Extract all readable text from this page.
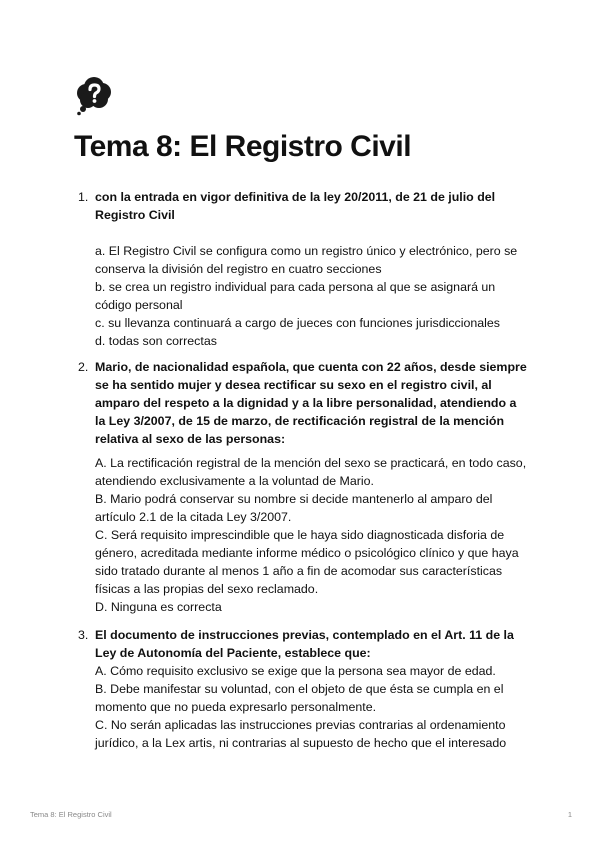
Tema 8: El Registro Civil
1. con la entrada en vigor definitiva de la ley 20/2011, de 21 de julio del Registro Civil

a. El Registro Civil se configura como un registro único y electrónico, pero se conserva la división del registro en cuatro secciones
b. se crea un registro individual para cada persona al que se asignará un código personal
c. su llevanza continuará a cargo de jueces con funciones jurisdiccionales
d. todas son correctas
2. Mario, de nacionalidad española, que cuenta con 22 años, desde siempre se ha sentido mujer y desea rectificar su sexo en el registro civil, al amparo del respeto a la dignidad y a la libre personalidad, atendiendo a la Ley 3/2007, de 15 de marzo, de rectificación registral de la mención relativa al sexo de las personas:

A. La rectificación registral de la mención del sexo se practicará, en todo caso, atendiendo exclusivamente a la voluntad de Mario.
B. Mario podrá conservar su nombre si decide mantenerlo al amparo del artículo 2.1 de la citada Ley 3/2007.
C. Será requisito imprescindible que le haya sido diagnosticada disforia de género, acreditada mediante informe médico o psicológico clínico y que haya sido tratado durante al menos 1 año a fin de acomodar sus características físicas a las propias del sexo reclamado.
D. Ninguna es correcta
3. El documento de instrucciones previas, contemplado en el Art. 11 de la Ley de Autonomía del Paciente, establece que:

A. Cómo requisito exclusivo se exige que la persona sea mayor de edad.
B. Debe manifestar su voluntad, con el objeto de que ésta se cumpla en el momento que no pueda expresarlo personalmente.
C. No serán aplicadas las instrucciones previas contrarias al ordenamiento jurídico, a la Lex artis, ni contrarias al supuesto de hecho que el interesado
Tema 8: El Registro Civil	1
